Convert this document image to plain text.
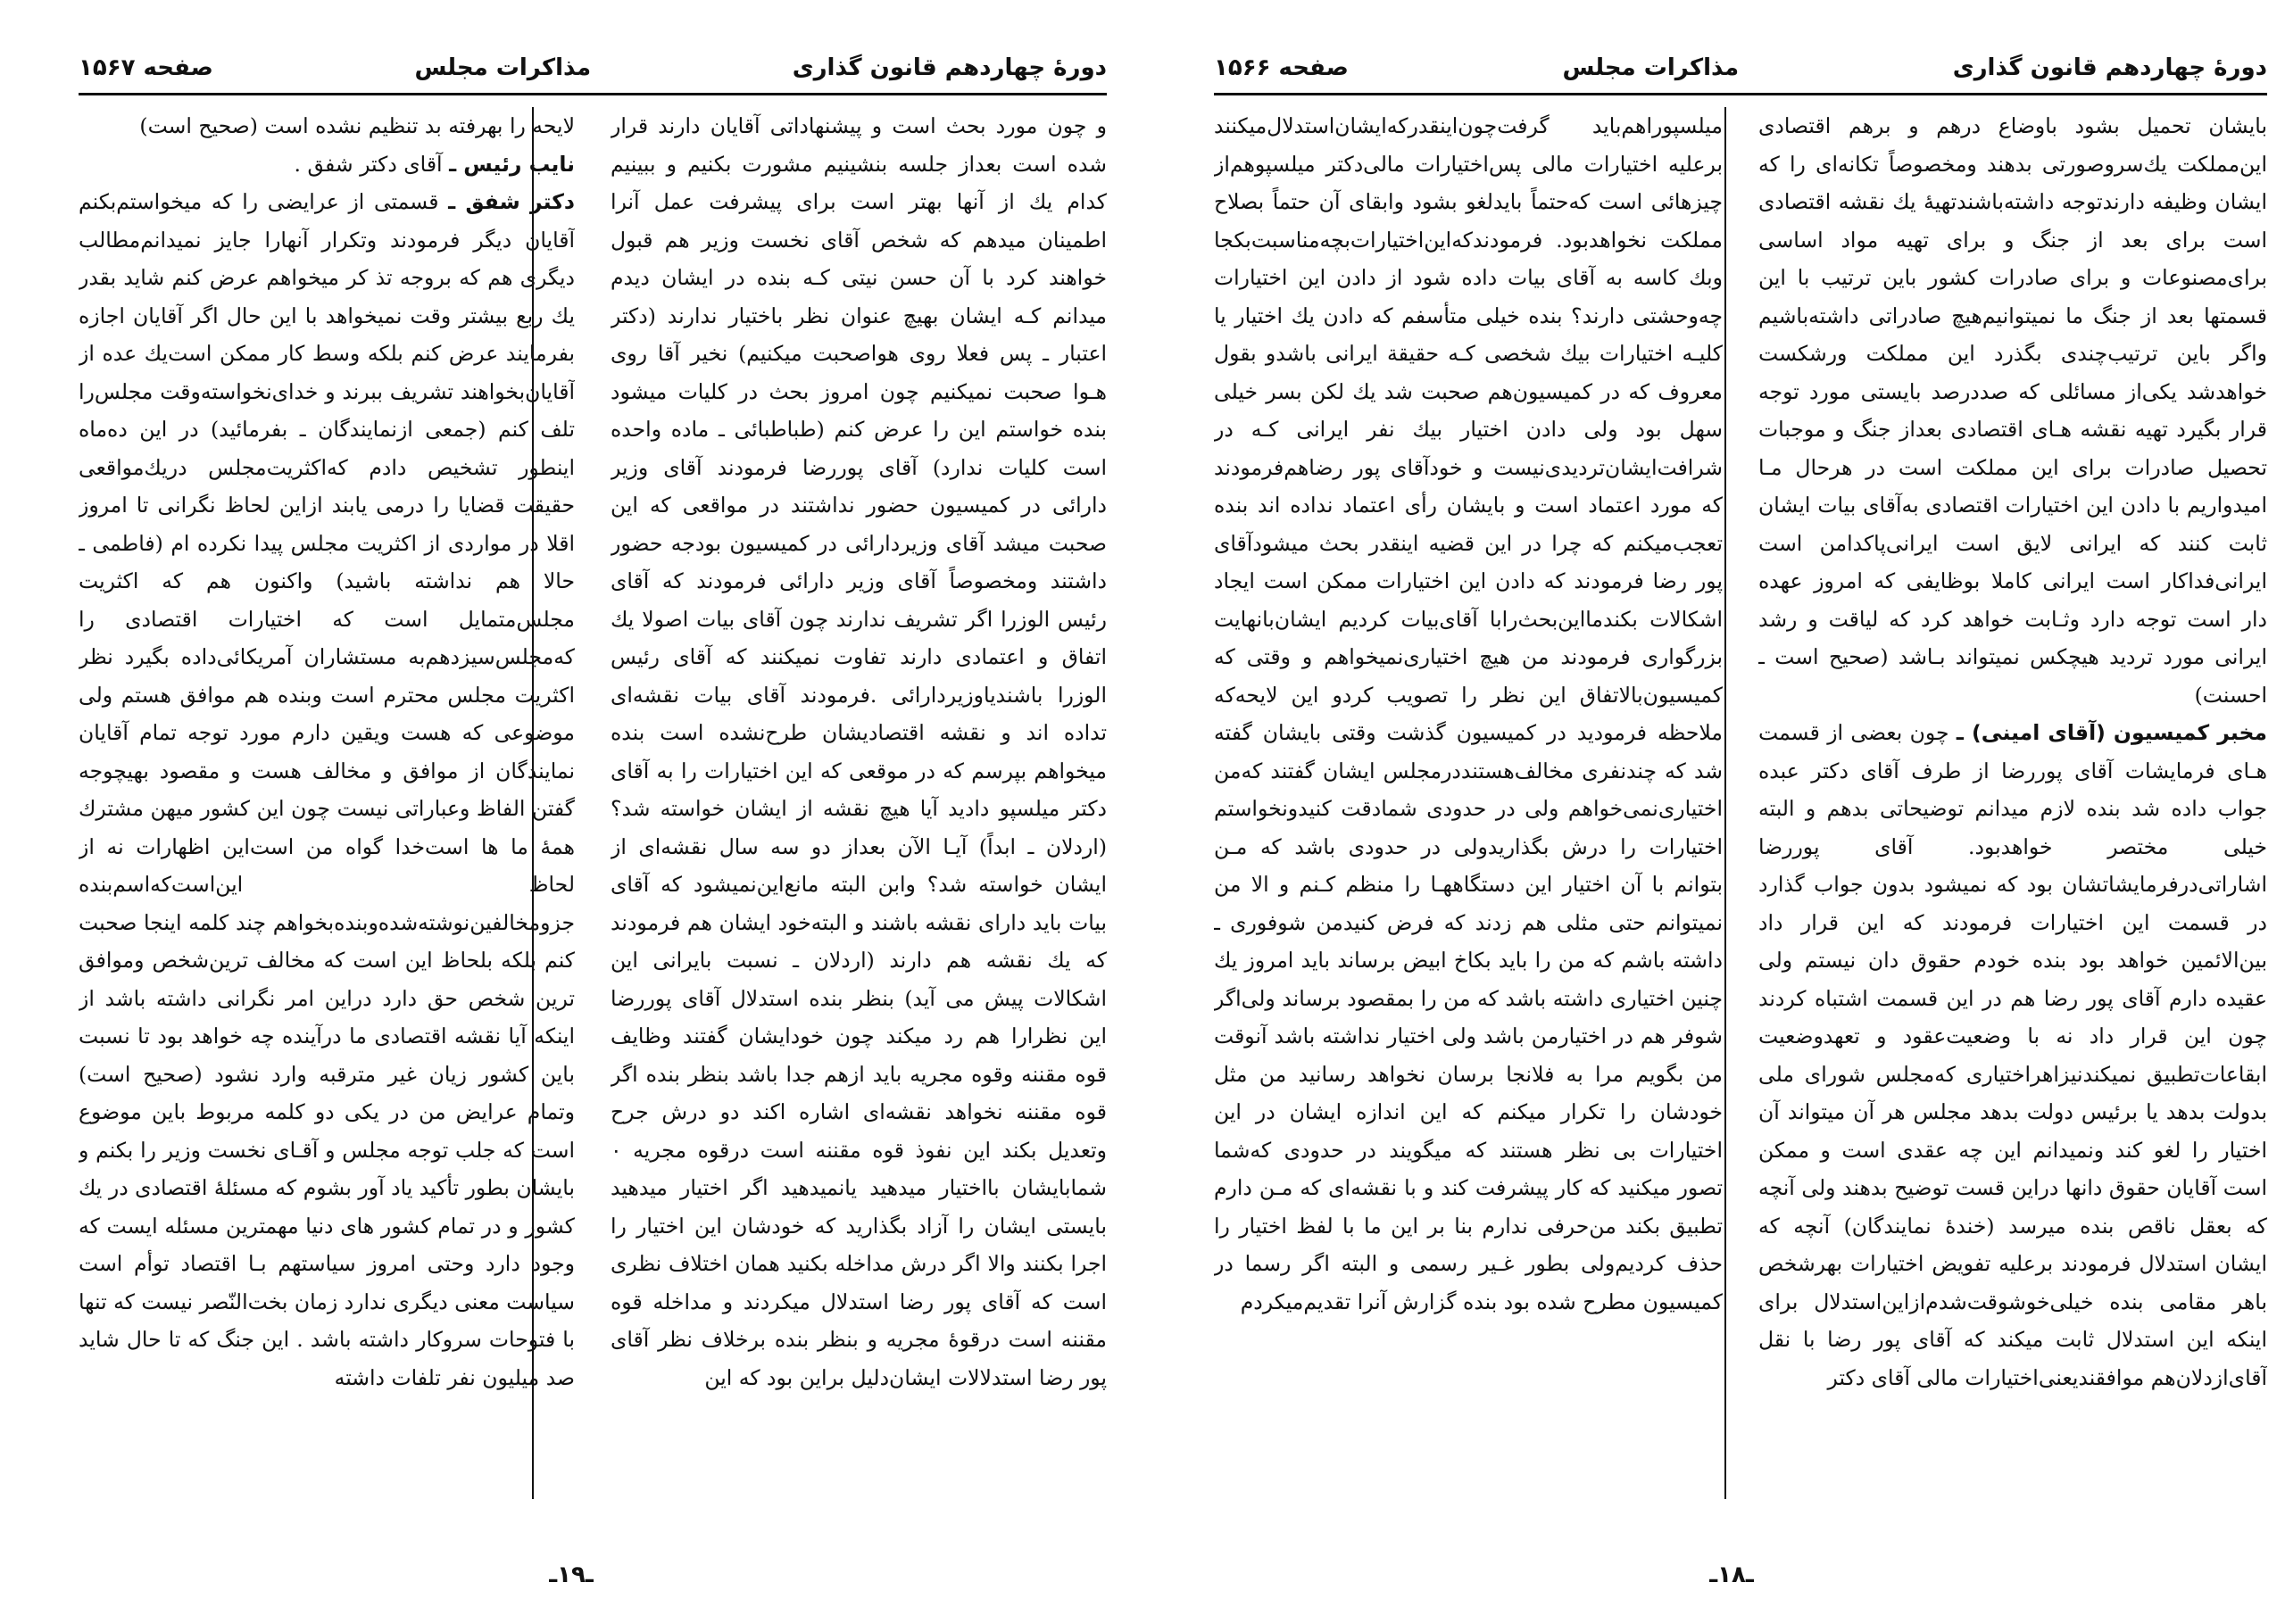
دورهٔ چهاردهم قانون گذاری
مذاکرات مجلس
صفحه ۱۵۶۷

و چون مورد بحث است و پیشنهاداتی آقایان دارند قرار شده است بعداز جلسه بنشینیم مشورت بکنیم و ببینیم کدام یك از آنها بهتر است برای پیشرفت عمل آنرا اطمینان میدهم که شخص آقای نخست وزیر هم قبول خواهند کرد با آن حسن نیتی کـه بنده در ایشان دیدم میدانم کـه ایشان بهیچ عنوان نظر باختیار ندارند (دکتر اعتبار ـ پس فعلا روی هواصحبت میکنیم) نخیر آقا روی هـوا صحبت نمیکنیم چون امروز بحث در کلیات میشود بنده خواستم این را عرض کنم (طباطبائی ـ ماده واحده است کلیات ندارد) آقای پوررضا فرمودند آقای وزیر دارائی در کمیسیون حضور نداشتند در مواقعی که این صحبت میشد آقای وزیردارائی در کمیسیون بودجه حضور داشتند ومخصوصاً آقای وزیر دارائی فرمودند که آقای رئیس الوزرا اگر تشریف ندارند چون آقای بیات اصولا یك اتفاق و اعتمادی دارند تفاوت نمیکنند که آقای رئیس الوزرا باشندیاوزیردارائی .فرمودند آقای بیات نقشه‌ای تداده اند و نقشه اقتصادیشان طرح‌نشده است بنده میخواهم بپرسم که در موقعی که این اختیارات را به آقای دکتر میلسپو دادید آیا هیچ نقشه از ایشان خواسته شد؟ (اردلان ـ ابداً) آیـا الآن بعداز دو سه سال نقشه‌ای از ایشان خواسته شد؟ وابن البته مانع‌این‌نمیشود که آقای بیات باید دارای نقشه باشند و البته‌خود ایشان هم فرمودند که یك نقشه هم دارند (اردلان ـ نسبت بایرانی این اشکالات پیش می آید) بنظر بنده استدلال آقای پوررضا این نظرارا هم رد میکند چون خودایشان گفتند وظایف قوه مقننه وقوه مجریه باید ازهم جدا باشد بنظر بنده اگر قوه مقننه نخواهد نقشه‌ای اشاره اکند دو درش جرح وتعدیل بکند این نفوذ قوه مقننه است درقوه مجریه ۰ شمابایشان بااختیار میدهید یانمیدهید اگر اختیار میدهید بایستی ایشان را آزاد بگذارید که خودشان این اختیار را اجرا بکنند والا اگر درش مداخله بکنید همان اختلاف نظری است که آقای پور رضا استدلال میکردند و مداخله قوه مقننه است درقوهٔ مجریه و بنظر بنده برخلاف نظر آقای پور رضا استدلالات ایشان‌دلیل براین بود که این

لایحه را بهرفته بد تنظیم نشده است (صحیح است)

نایب رئیس ـ آقای دکتر شفق .

دکتر شفق ـ قسمتی از عرایضی را که میخواستم‌بکنم آقایان دیگر فرمودند وتکرار آنهارا جایز نمیدانم‌مطالب دیگری هم که بروجه تذ کر میخواهم عرض کنم شاید بقدر یك ربع بیشتر وقت نمیخواهد با این حال اگر آقایان اجازه بفرمایند عرض کنم بلکه وسط کار ممکن است‌یك عده از آقایان‌بخواهند تشریف ببرند و خدای‌نخواسته‌وقت مجلس‌را تلف کنم (جمعی ازنمایندگان ـ بفرمائید) در این ده‌ماه اینطور تشخیص دادم که‌اکثریت‌مجلس در‌یك‌مواقعی حقیقت قضایا را درمی یابند ازاین لحاظ نگرانی تا امروز اقلا در مواردی از اکثریت مجلس پیدا نکرده ام (فاطمی ـ حالا هم نداشته باشید) واکنون هم که اکثریت مجلس‌متمایل است که اختیارات اقتصادی را که‌مجلس‌سیزدهم‌به مستشاران آمریکائی‌داده بگیرد نظر اکثریت مجلس محترم است وبنده هم موافق هستم ولی موضوعی که هست ویقین دارم مورد توجه تمام آقایان نمایندگان از موافق و مخالف هست و مقصود بهیچوجه گفتن الفاظ وعباراتی نیست چون این کشور میهن مشترك همهٔ ما ها است‌خدا گواه من است‌این اظهارات نه از لحاظ این‌است‌که‌اسم‌بنده جزو‌مخالفین‌نوشته‌شده‌وبنده‌بخواهم چند کلمه اینجا صحبت کنم بلکه بلحاظ این است که مخالف ترین‌شخص وموافق ترین شخص حق دارد دراین امر نگرانی داشته باشد از اینکه آیا نقشه اقتصادی ما درآینده چه خواهد بود تا نسبت باین کشور زیان غیر مترقبه وارد نشود (صحیح است) و‌تمام عرایض من در یکی دو کلمه مربوط باین موضوع است که جلب توجه مجلس و آقـای نخست وزیر را بکنم و بایشان بطور تأکید یاد آور بشوم که مسئلهٔ اقتصادی در یك کشور و در تمام کشور های دنیا مهمترین مسئله ایست که وجود دارد وحتی امروز سیاستهم بـا اقتصاد توأم است سیاست معنی دیگری ندارد زمان بخت‌النّصر نیست که تنها با فتوحات سروکار داشته باشد . این جنگ که تا حال شاید صد میلیون نفر تلفات داشته

ـ۱۹ـ
دورهٔ چهاردهم قانون گذاری
مذاکرات مجلس
صفحه ۱۵۶۶

بایشان تحمیل بشود باوضاع درهم و برهم اقتصادی این‌مملکت یك‌سروصورتی بدهند ومخصوصاً تکانه‌ای را که ایشان وظیفه دارند‌توجه داشته‌باشند‌تهیهٔ یك‌ نقشه اقتصادی است برای بعد از جنگ و برای تهیه مواد اساسی برای‌مصنوعات و برای صادرات کشور باین ترتیب با این قسمتها بعد از جنگ ما نمیتوانیم‌هیچ صادراتی داشته‌باشیم و‌اگر باین ترتیب‌چندی بگذرد این مملکت ورشکست خواهدشد یکی‌از مسائلی که صددرصد بایستی مورد توجه قرار بگیرد تهیه نقشه هـای اقتصادی بعداز جنگ و موجبات تحصیل صادرات برای این مملکت است در هرحال مـا امیدواریم با دادن این اختیارات اقتصادی به‌آقای بیات ایشان ثابت کنند که ایرانی لایق است ایرانی‌پاکدامن است ایرانی‌فداکار است ایرانی کاملا بوظایفی که امروز عهده دار است توجه دارد و‌ثـابت خواهد کرد که لیاقت و رشد ایرانی مورد تردید هیچکس نمیتواند بـاشد (صحیح است ـ احسنت)

مخبر کمیسیون (آقای امینی) ـ چون بعضی از قسمت هـای فرمایشات آقای پوررضا از طرف آقای دکتر عبده جواب داده شد بنده لازم میدانم توضیحاتی بدهم و البته خیلی مختصر خواهدبود. آقای پوررضا اشاراتی‌درفرمایشاتشان بود که نمیشود بدون جواب گذارد در قسمت این اختیارات فرمودند که این قرار داد بین‌الائمین خواهد بود بنده خودم حقوق دان نیستم ولی عقیده دارم آقای پور رضا هم در این قسمت اشتباه کردند چون این قرار داد نه با وضعیت‌عقود و تعهد‌وضعیت ابقاعات‌تطبیق‌ نمیکند‌نیز‌اهراختیاری که‌مجلس شورای ملی بدولت بدهد یا برئیس دولت بدهد مجلس هر آن میتواند آن اختیار را لغو کند ونمیدانم این چه عقدی است و ممکن است آقایان حقوق دانها دراین قست توضیح بدهند ولی آنچه که بعقل ناقص بنده میرسد (خندهٔ نمایندگان) آنچه که ایشان استدلال فرمودند برعلیه تفویض اختیارات بهرشخص باهر مقامی بنده خیلی‌خوشوقت‌شدم‌ازاین‌استدلال برای اینکه این استدلال ثابت میکند که آقای پور رضا با نقل آقای‌ازدلان‌هم موافقند‌یعنی‌اختیارات مالی آقای دکتر

میلسپو‌راهم‌باید گرفت‌چون‌اینقدرکه‌ایشان‌استدلال‌میکنند برعلیه اختیارات مالی پس‌اختیارات مالی‌دکتر میلسپوهم‌از چیزهائی است که‌حتماً بایدلغو بشود وابقای آن حتماً بصلاح مملکت نخواهدبود. فرمودندکه‌این‌اختیارات‌بچه‌مناسبت‌بکجا وبك کاسه به آقای بیات داده شود از دادن این اختیارات چه‌وحشتی دارند؟ بنده خیلی متأسفم که دادن یك اختیار یا کلیـه اختیارات بیك شخصی کـه حقیقة ایرانی باشدو بقول معروف که در کمیسیون‌هم صحبت شد یك لکن بسر خیلی سهل بود ولی دادن اختیار بیك نفر ایرانی کـه در شرافت‌ایشان‌تردیدی‌نیست و خودآقای پور رضا‌هم‌فرمودند که مورد اعتماد است و بایشان رأی اعتماد نداده اند بنده تعجب‌میکنم که چرا در این قضیه اینقدر بحث میشود‌آقای پور رضا فرمودند که دادن این اختیارات ممکن است ایجاد اشکالات بکند‌مااین‌بحث‌را‌با آقای‌بیات کردیم ایشان‌بانهایت بزرگواری فرمودند من هیچ اختیاری‌نمیخواهم و وقتی که کمیسیون‌بالاتفاق این نظر را تصویب کردو این لایحه‌که ملاحظه فرمودید در کمیسیون گذشت وقتی بایشان گفته شد که چندنفری مخالف‌هستند‌در‌مجلس ایشان گفتند که‌من اختیاری‌نمی‌خواهم ولی در حدودی شمادقت کنیدونخواستم اختیارات را درش بگذاریدولی در حدودی باشد که مـن بتوانم با آن اختیار این دستگاههـا را منظم کـنم و الا من نمیتوانم حتی مثلی هم زدند که فرض کنیدمن شوفوری ـ داشته باشم که من را باید بکاخ ابیض برساند باید امروز یك چنین اختیاری داشته باشد که من را بمقصود برساند ولی‌اگر شوفر هم در اختیارمن باشد ولی اختیار نداشته باشد آنوقت من بگویم مرا به فلانجا برسان نخواهد رسانید من مثل خودشان را تکرار میکنم که این اندازه ایشان در این اختیارات بی نظر هستند که میگویند در حدودی که‌شما تصور میکنید که کار پیشرفت کند و با نقشه‌ای که مـن دارم تطبیق بکند من‌حرفی ندارم بنا بر این ما با لفظ اختیار را حذف کردیم‌ولی بطور غـیر رسمی و البته اگر رسما در کمیسیون مطرح شده بود بنده گزارش آنرا تقدیم‌میکردم

ـ۱۸ـ
